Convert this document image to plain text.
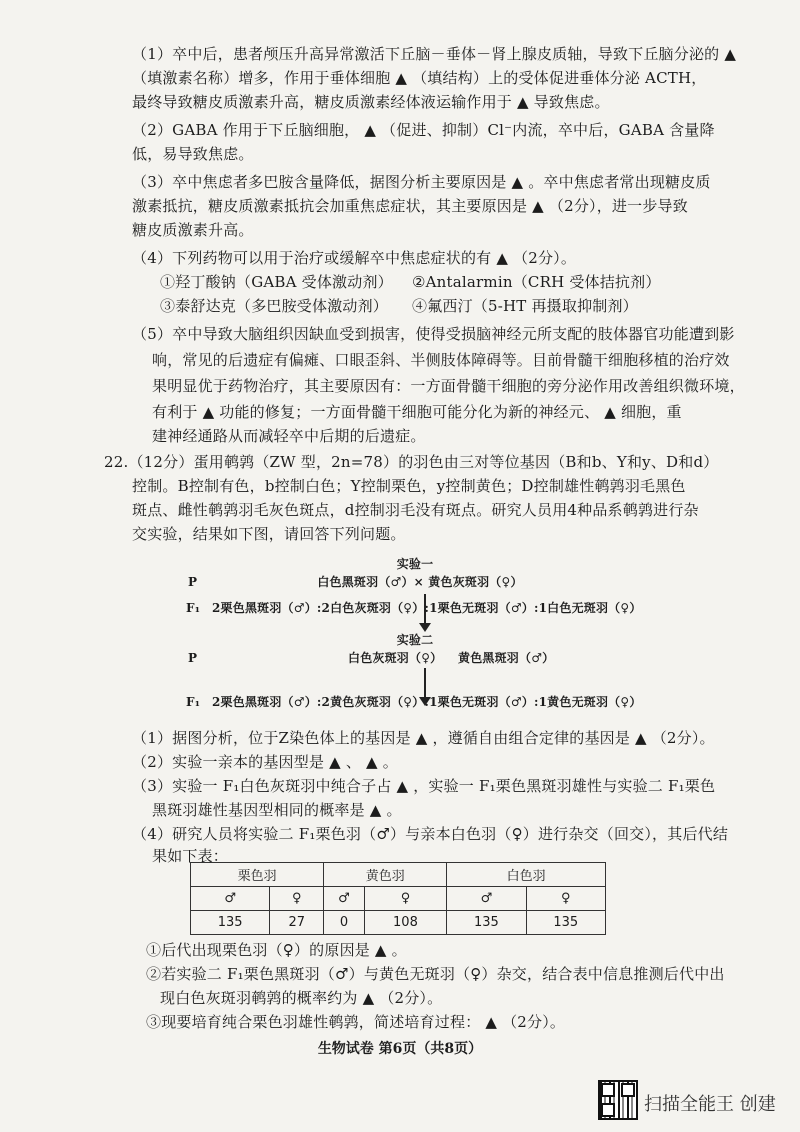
（1）卒中后，患者颅压升高异常激活下丘脑－垂体－肾上腺皮质轴，导致下丘脑分泌的 ▲
（填激素名称）增多，作用于垂体细胞 ▲ （填结构）上的受体促进垂体分泌 ACTH，
最终导致糖皮质激素升高，糖皮质激素经体液运输作用于 ▲ 导致焦虑。
（2）GABA 作用于下丘脑细胞， ▲ （促进、抑制）Cl⁻内流，卒中后，GABA 含量降
低，易导致焦虑。
（3）卒中焦虑者多巴胺含量降低，据图分析主要原因是 ▲ 。卒中焦虑者常出现糖皮质
激素抵抗，糖皮质激素抵抗会加重焦虑症状，其主要原因是 ▲ （2分），进一步导致
糖皮质激素升高。
（4）下列药物可以用于治疗或缓解卒中焦虑症状的有 ▲ （2分）。
①羟丁酸钠（GABA 受体激动剂） ②Antalarmin（CRH 受体拮抗剂）
③泰舒达克（多巴胺受体激动剂） ④氟西汀（5-HT 再摄取抑制剂）
（5）卒中导致大脑组织因缺血受到损害，使得受损脑神经元所支配的肢体器官功能遭到影
响，常见的后遗症有偏瘫、口眼歪斜、半侧肢体障碍等。目前骨髓干细胞移植的治疗效
果明显优于药物治疗，其主要原因有：一方面骨髓干细胞的旁分泌作用改善组织微环境，
有利于 ▲ 功能的修复；一方面骨髓干细胞可能分化为新的神经元、 ▲ 细胞，重
建神经通路从而减轻卒中后期的后遗症。
22.（12分）蛋用鹌鹑（ZW 型，2n=78）的羽色由三对等位基因（B和b、Y和y、D和d）
控制。B控制有色，b控制白色；Y控制栗色，y控制黄色；D控制雄性鹌鹑羽毛黑色
斑点、雌性鹌鹑羽毛灰色斑点，d控制羽毛没有斑点。研究人员用4种品系鹌鹑进行杂
交实验，结果如下图，请回答下列问题。
实验一
P	白色黑斑羽（♂）× 黄色灰斑羽（♀）
F₁ 2栗色黑斑羽（♂）:2白色灰斑羽（♀）:1栗色无斑羽（♂）:1白色无斑羽（♀）
实验二
P	白色灰斑羽（♀） 黄色黑斑羽（♂）
F₁ 2栗色黑斑羽（♂）:2黄色灰斑羽（♀）:1栗色无斑羽（♂）:1黄色无斑羽（♀）
（1）据图分析，位于Z染色体上的基因是 ▲ ，遵循自由组合定律的基因是 ▲ （2分）。
（2）实验一亲本的基因型是 ▲ 、 ▲ 。
（3）实验一 F₁白色灰斑羽中纯合子占 ▲ ，实验一 F₁栗色黑斑羽雄性与实验二 F₁栗色
黑斑羽雄性基因型相同的概率是 ▲ 。
（4）研究人员将实验二 F₁栗色羽（♂）与亲本白色羽（♀）进行杂交（回交），其后代结
果如下表：
栗色羽		黄色羽		白色羽	
♂	♀	♂	♀	♂	♀
135	27	0	108	135	135
①后代出现栗色羽（♀）的原因是 ▲ 。
②若实验二 F₁栗色黑斑羽（♂）与黄色无斑羽（♀）杂交，结合表中信息推测后代中出
现白色灰斑羽鹌鹑的概率约为 ▲ （2分）。
③现要培育纯合栗色羽雄性鹌鹑，简述培育过程： ▲ （2分）。
生物试卷 第6页（共8页）
扫描全能王 创建
